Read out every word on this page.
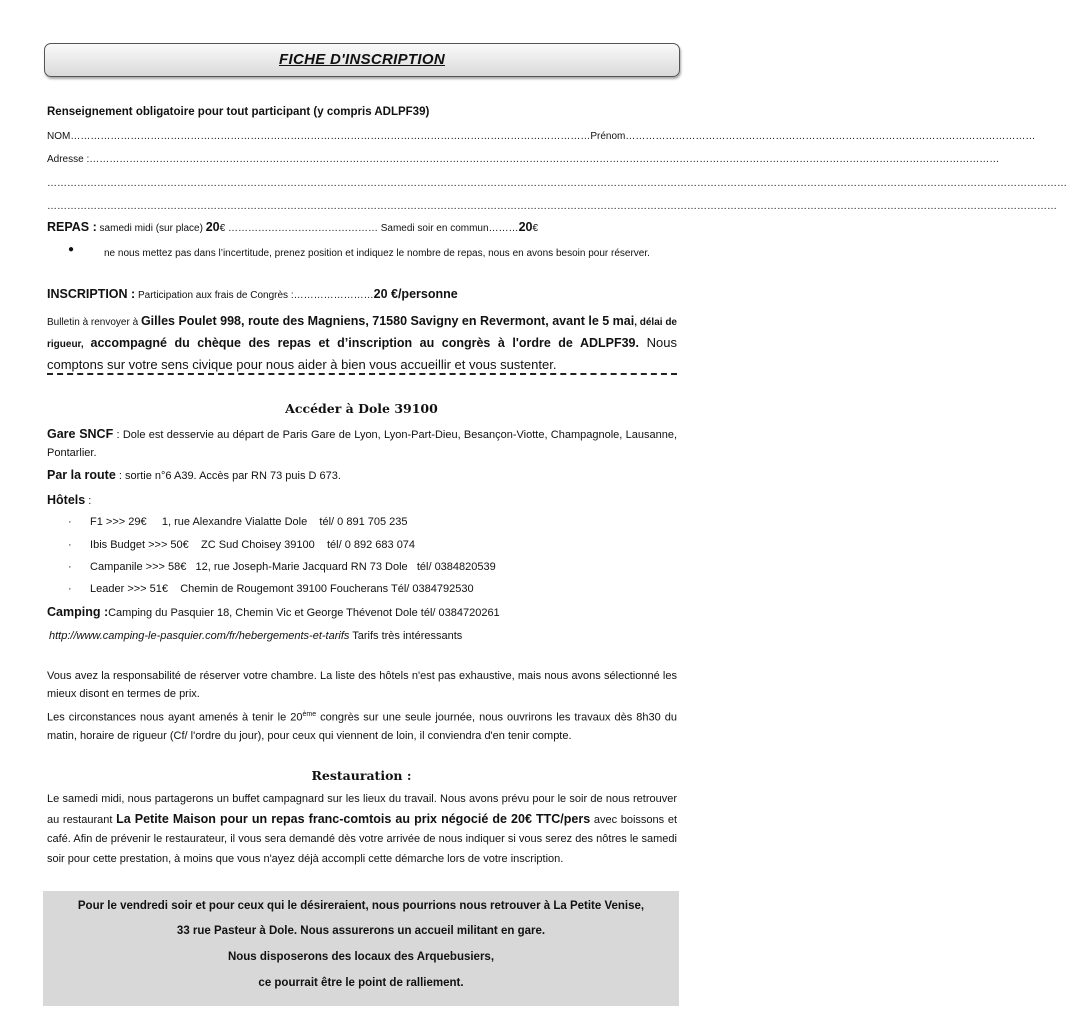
FICHE D'INSCRIPTION
Renseignement obligatoire pour tout participant (y compris ADLPF39)
NOM…………………………………………………………………………………………………………………………………………Prénom……………………………………………………………………………………………………………
Adresse :…………………………………………………………………………………………………………………………………………………………………………………………………………………………………………………
………………………………………………………………………………………………………………………………………………………………………………………………………………………………………………………………………………
……………………………………………………………………………………………………………………………………………………………………………………………………………………………………………………………………………
REPAS : samedi midi (sur place) 20€ ……………………………………… Samedi soir en commun………20€
●	ne nous mettez pas dans l’incertitude, prenez position et indiquez le nombre de repas, nous en avons besoin pour réserver.
INSCRIPTION : Participation aux frais de Congrès :……………………20 €/personne
Bulletin à renvoyer à Gilles Poulet 998, route des Magniens, 71580 Savigny en Revermont, avant le 5 mai, délai de rigueur, accompagné du chèque des repas et d’inscription au congrès à l'ordre de ADLPF39. Nous comptons sur votre sens civique pour nous aider à bien vous accueillir et vous sustenter.
Accéder à Dole 39100
Gare SNCF : Dole est desservie au départ de Paris Gare de Lyon, Lyon-Part-Dieu, Besançon-Viotte, Champagnole, Lausanne, Pontarlier.
Par la route : sortie n°6 A39. Accès par RN 73 puis D 673.
Hôtels :
· F1 >>> 29€     1, rue Alexandre Vialatte Dole    tél/ 0 891 705 235
· Ibis Budget >>> 50€    ZC Sud Choisey 39100    tél/ 0 892 683 074
· Campanile >>> 58€   12, rue Joseph-Marie Jacquard RN 73 Dole   tél/ 0384820539
· Leader >>> 51€    Chemin de Rougemont 39100 Foucherans Tél/ 0384792530
Camping :Camping du Pasquier 18, Chemin Vic et George Thévenot Dole tél/ 0384720261
http://www.camping-le-pasquier.com/fr/hebergements-et-tarifs Tarifs très intéressants
Vous avez la responsabilité de réserver votre chambre. La liste des hôtels n'est pas exhaustive, mais nous avons sélectionné les mieux disont en termes de prix.
Les circonstances nous ayant amenés à tenir le 20ème congrès sur une seule journée, nous ouvrirons les travaux dès 8h30 du matin, horaire de rigueur (Cf/ l'ordre du jour), pour ceux qui viennent de loin, il conviendra d'en tenir compte.
Restauration :
Le samedi midi, nous partagerons un buffet campagnard sur les lieux du travail. Nous avons prévu pour le soir de nous retrouver au restaurant La Petite Maison pour un repas franc-comtois au prix négocié de 20€ TTC/pers avec boissons et café. Afin de prévenir le restaurateur, il vous sera demandé dès votre arrivée de nous indiquer si vous serez des nôtres le samedi soir pour cette prestation, à moins que vous n'ayez déjà accompli cette démarche lors de votre inscription.
Pour le vendredi soir et pour ceux qui le désireraient, nous pourrions nous retrouver à La Petite Venise,
33 rue Pasteur à Dole. Nous assurerons un accueil militant en gare.
Nous disposerons des locaux des Arquebusiers,
ce pourrait être le point de ralliement.
